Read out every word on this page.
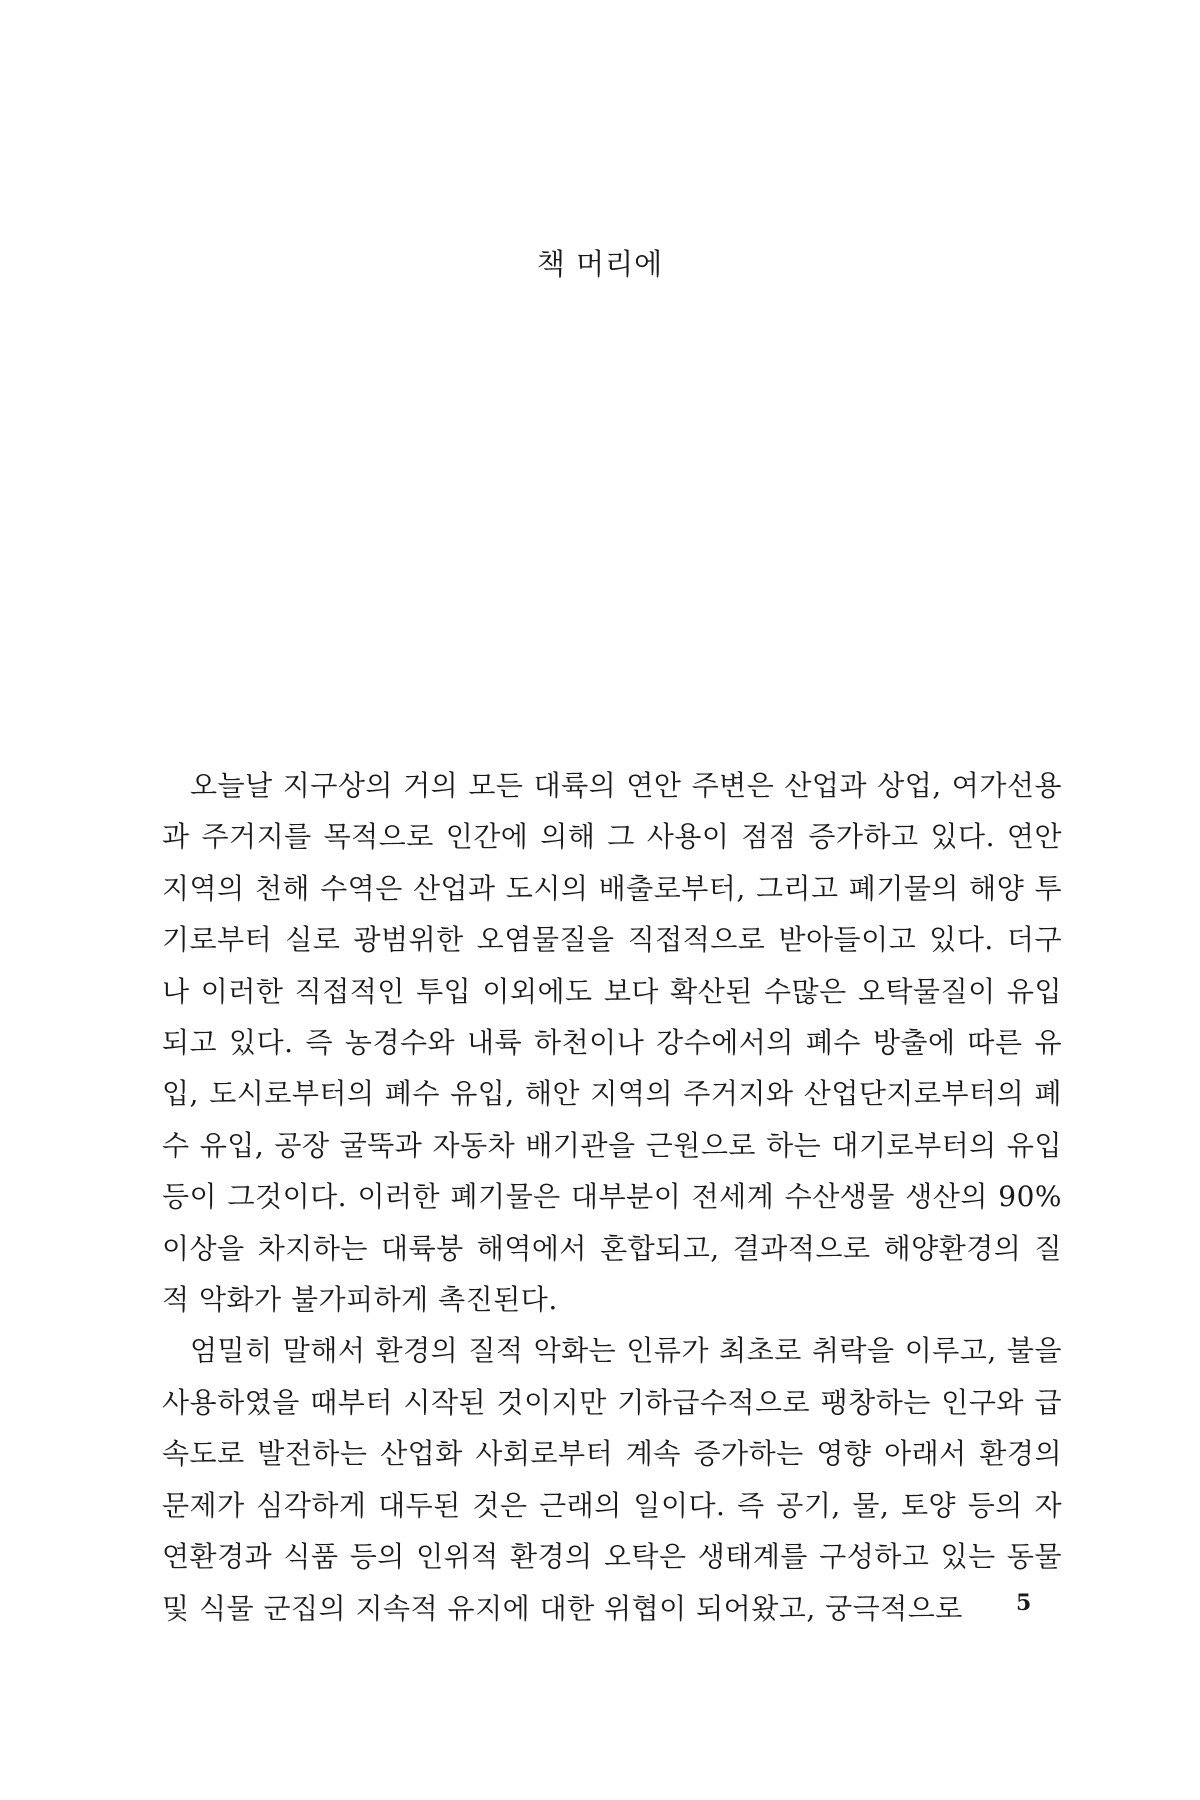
책 머리에

오늘날 지구상의 거의 모든 대륙의 연안 주변은 산업과 상업, 여가선용과 주거지를 목적으로 인간에 의해 그 사용이 점점 증가하고 있다. 연안 지역의 천해 수역은 산업과 도시의 배출로부터, 그리고 폐기물의 해양 투기로부터 실로 광범위한 오염물질을 직접적으로 받아들이고 있다. 더구나 이러한 직접적인 투입 이외에도 보다 확산된 수많은 오탁물질이 유입되고 있다. 즉 농경수와 내륙 하천이나 강수에서의 폐수 방출에 따른 유입, 도시로부터의 폐수 유입, 해안 지역의 주거지와 산업단지로부터의 폐수 유입, 공장 굴뚝과 자동차 배기관을 근원으로 하는 대기로부터의 유입 등이 그것이다. 이러한 폐기물은 대부분이 전세계 수산생물 생산의 90% 이상을 차지하는 대륙붕 해역에서 혼합되고, 결과적으로 해양환경의 질적 악화가 불가피하게 촉진된다.

엄밀히 말해서 환경의 질적 악화는 인류가 최초로 취락을 이루고, 불을 사용하였을 때부터 시작된 것이지만 기하급수적으로 팽창하는 인구와 급속도로 발전하는 산업화 사회로부터 계속 증가하는 영향 아래서 환경의 문제가 심각하게 대두된 것은 근래의 일이다. 즉 공기, 물, 토양 등의 자연환경과 식품 등의 인위적 환경의 오탁은 생태계를 구성하고 있는 동물 및 식물 군집의 지속적 유지에 대한 위협이 되어왔고, 궁극적으로	5
